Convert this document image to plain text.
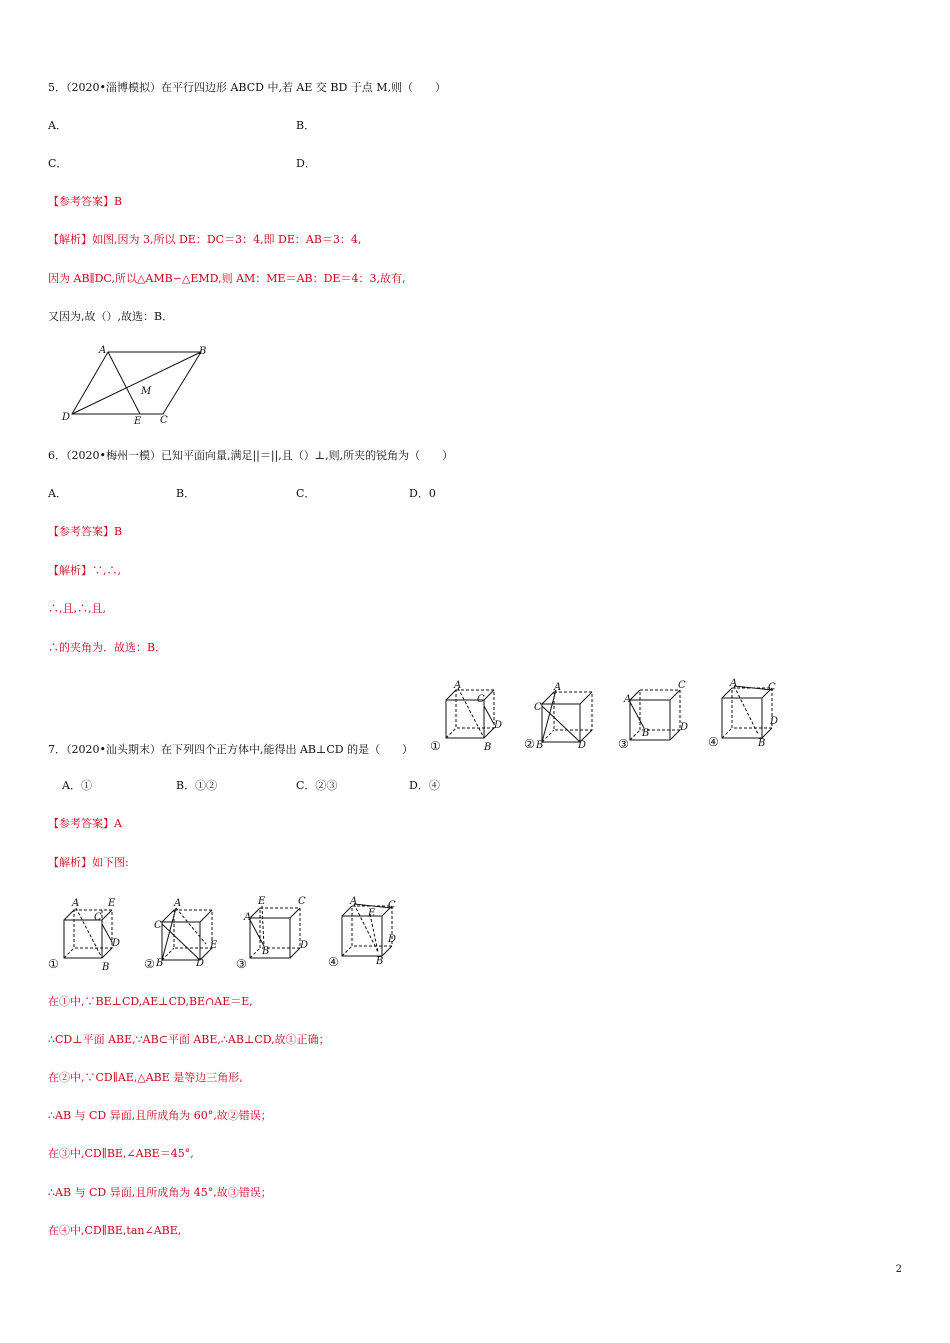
5．（2020•淄博模拟）在平行四边形 ABCD 中,若 AE 交 BD 于点 M,则（　　）
A．	B．
C．	D．
【参考答案】B
【解析】如图,因为 3,所以 DE：DC＝3：4,即 DE：AB＝3：4,
因为 AB∥DC,所以△AMB∽△EMD,则 AM：ME＝AB：DE＝4：3,故有,
又因为,故（）,故选：B．
A	B
C
D	E
M
6．（2020•梅州一模）已知平面向量,满足||＝||,且（）⊥,则,所夹的锐角为（　　）
A．	B．	C．	D．0
【参考答案】B
【解析】∵,∴,
∴,且,∴,且,
∴的夹角为．故选：B．
A
C
D
B
A
C
B	D
A
C
D
B
A	C
D
B
①	②	③	④
7．（2020•汕头期末）在下列四个正方体中,能得出 AB⊥CD 的是（　　）
A．①	B．①②	C．②③	D．④
【参考答案】A
【解析】如下图:
A	E
C
D
B
A
C
E
B	D
E
A
C
D
B
A
E
C
D
B
①	②	③	④
在①中,∵BE⊥CD,AE⊥CD,BE∩AE＝E,
∴CD⊥平面 ABE,∵AB⊂平面 ABE,∴AB⊥CD,故①正确；
在②中,∵CD∥AE,△ABE 是等边三角形,
∴AB 与 CD 异面,且所成角为 60°,故②错误；
在③中,CD∥BE,∠ABE＝45°,
∴AB 与 CD 异面,且所成角为 45°,故③错误；
在④中,CD∥BE,tan∠ABE,
2
